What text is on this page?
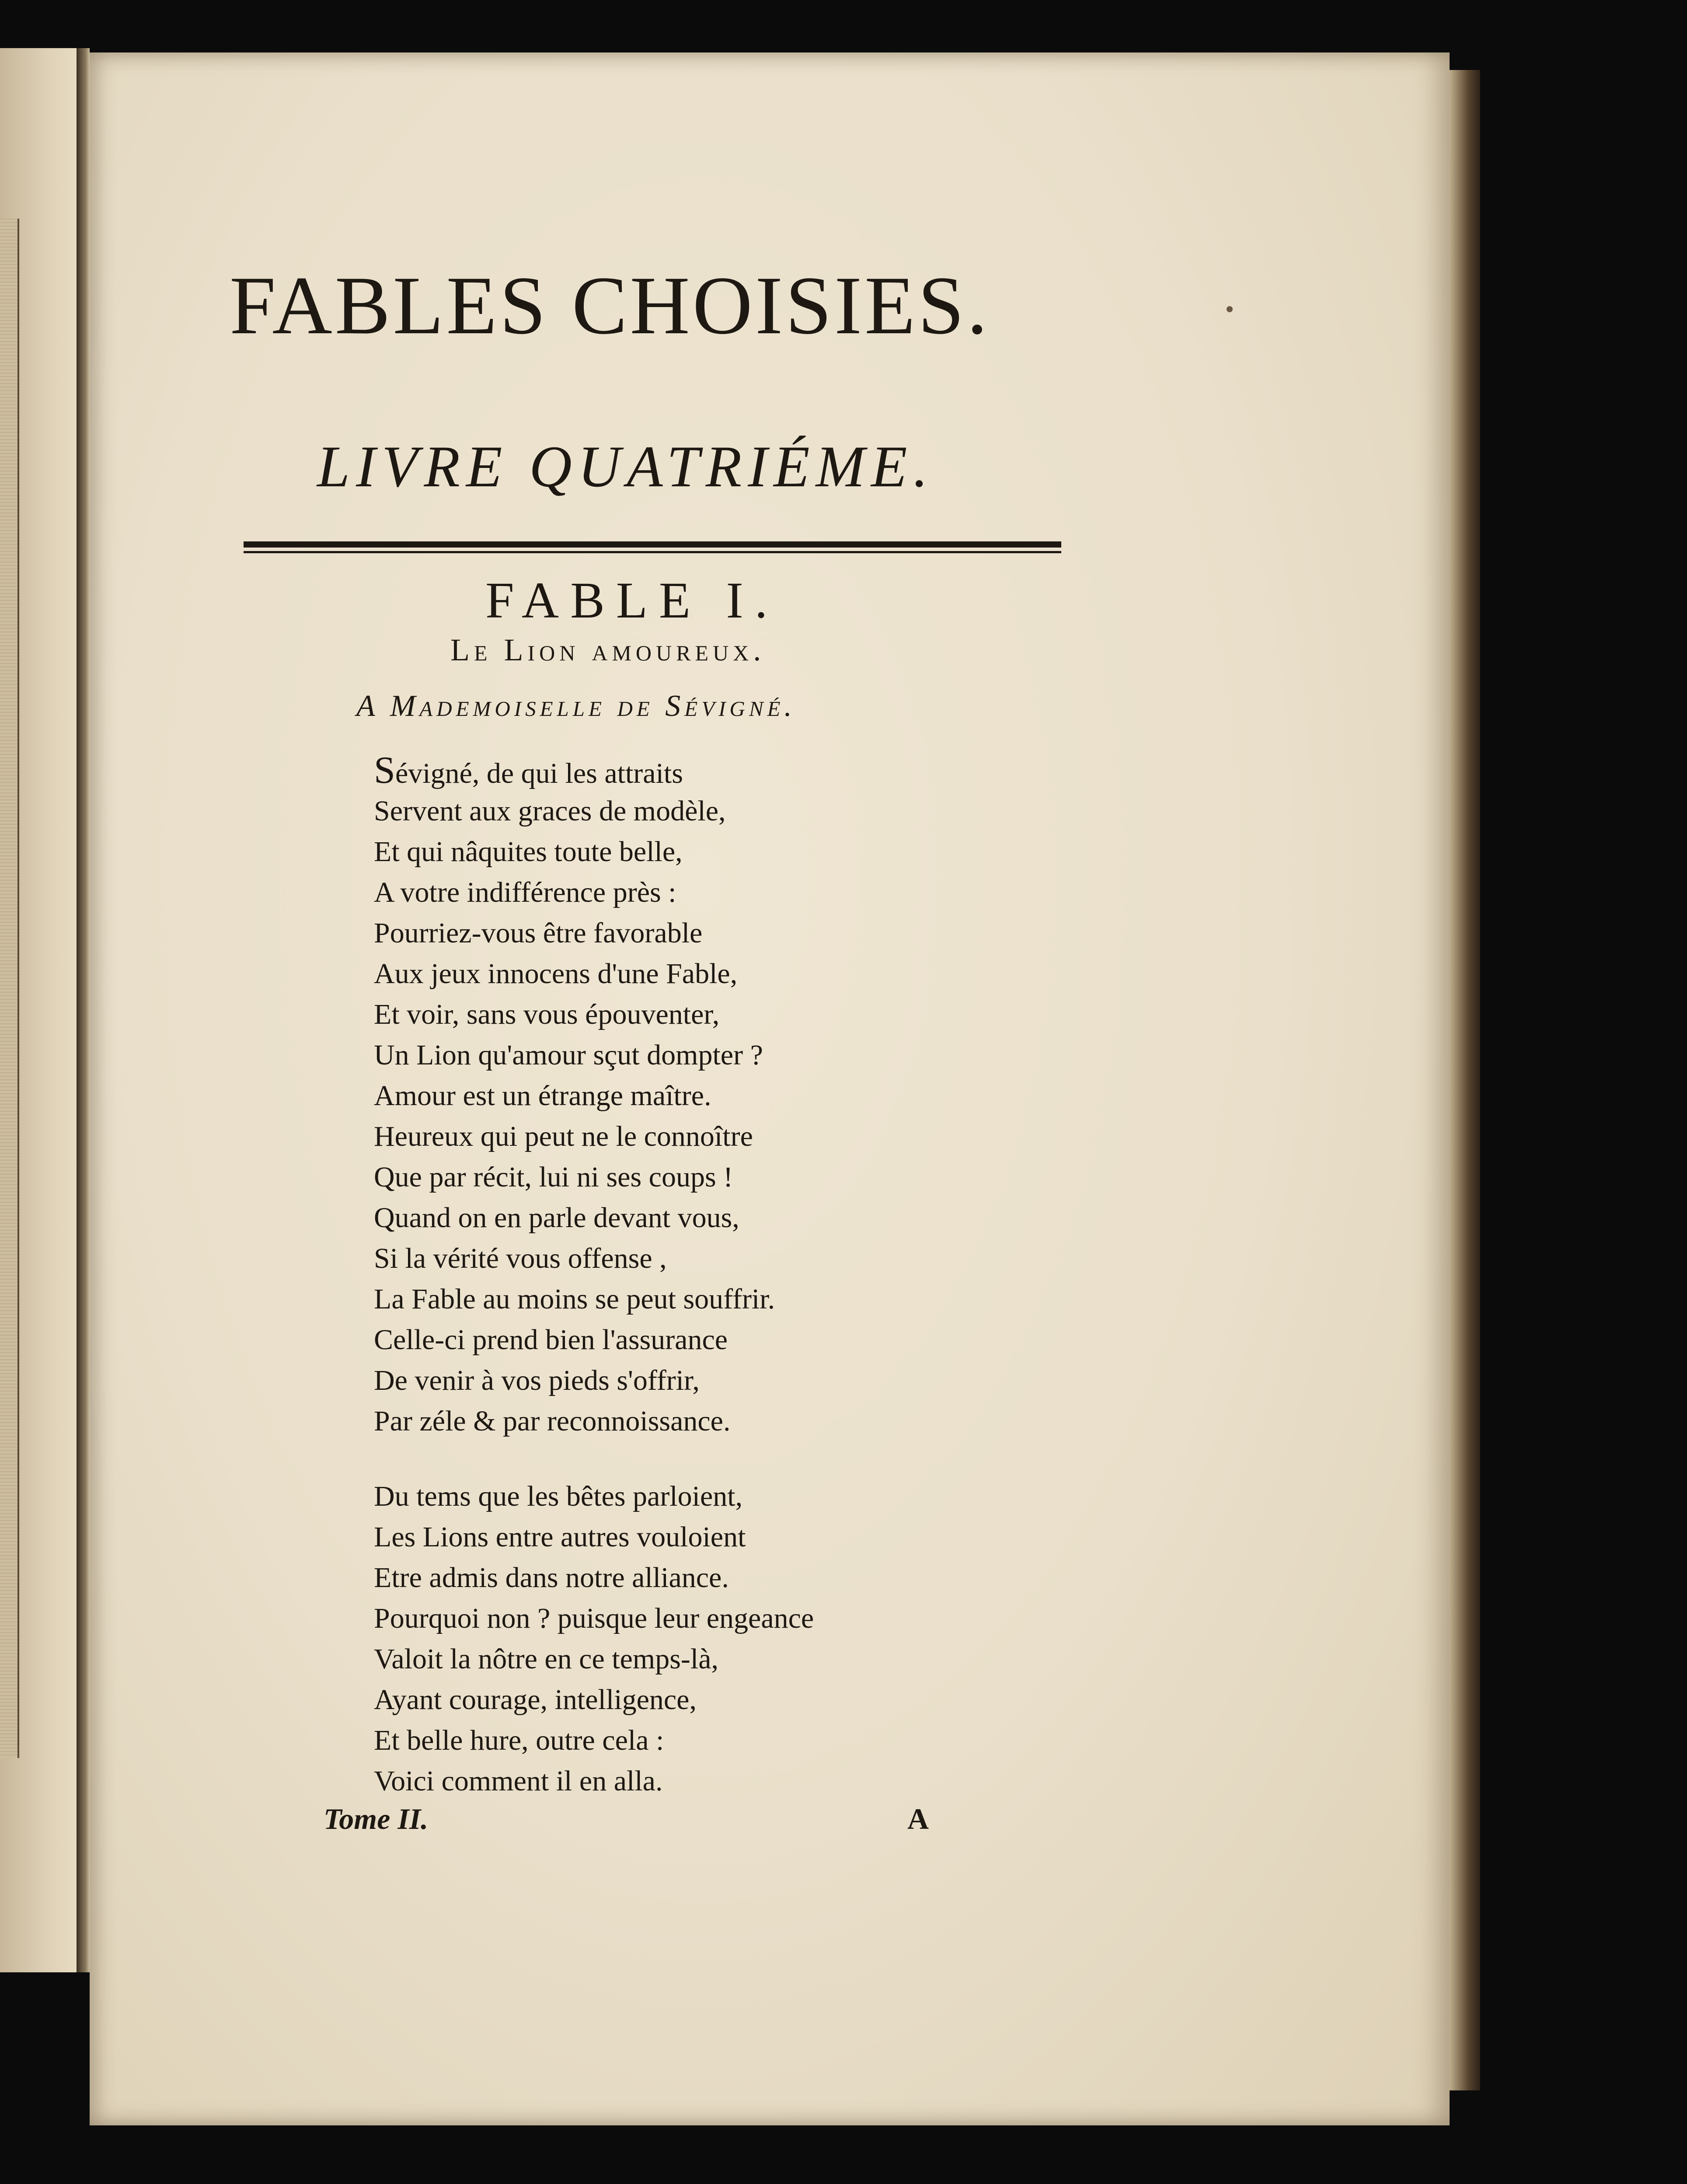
FABLES CHOISIES.
LIVRE QUATRIÉME.
FABLE I.
Le Lion amoureux.
A Mademoiselle de Sévigné.
Sévigné, de qui les attraits
Servent aux graces de modèle,
Et qui nâquites toute belle,
A votre indifférence près :
Pourriez-vous être favorable
Aux jeux innocens d'une Fable,
Et voir, sans vous épouventer,
Un Lion qu'amour sçut dompter ?
Amour est un étrange maître.
Heureux qui peut ne le connoître
Que par récit, lui ni ses coups !
Quand on en parle devant vous,
Si la vérité vous offense ,
La Fable au moins se peut souffrir.
Celle-ci prend bien l'assurance
De venir à vos pieds s'offrir,
Par zéle & par reconnoissance.
Du tems que les bêtes parloient,
Les Lions entre autres vouloient
Etre admis dans notre alliance.
Pourquoi non ? puisque leur engeance
Valoit la nôtre en ce temps-là,
Ayant courage, intelligence,
Et belle hure, outre cela :
Voici comment il en alla.
Tome II.	A
